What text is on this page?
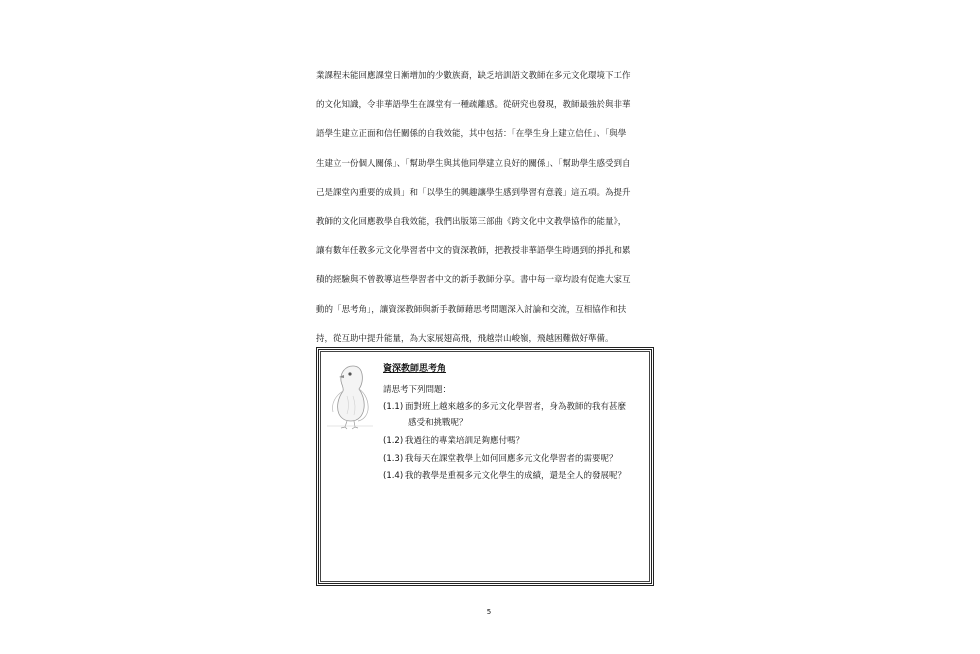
業課程未能回應課堂日漸增加的少數族裔，缺乏培訓語文教師在多元文化環境下工作
的文化知識，令非華語學生在課堂有一種疏離感。從研究也發現，教師最強於與非華
語學生建立正面和信任關係的自我效能，其中包括：「在學生身上建立信任」、「與學
生建立一份個人關係」、「幫助學生與其他同學建立良好的關係」、「幫助學生感受到自
己是課堂內重要的成員」和「以學生的興趣讓學生感到學習有意義」這五項。為提升
教師的文化回應教學自我效能，我們出版第三部曲《跨文化中文教學協作的能量》，
讓有數年任教多元文化學習者中文的資深教師，把教授非華語學生時遇到的掙扎和累
積的經驗與不曾教導這些學習者中文的新手教師分享。書中每一章均設有促進大家互
動的「思考角」，讓資深教師與新手教師藉思考問題深入討論和交流，互相協作和扶
持，從互助中提升能量，為大家展翅高飛，飛越崇山峻嶺，飛越困難做好準備。
資深教師思考角
請思考下列問題：
(1.1) 面對班上越來越多的多元文化學習者，身為教師的我有甚麼
感受和挑戰呢？
(1.2) 我過往的專業培訓足夠應付嗎？
(1.3) 我每天在課堂教學上如何回應多元文化學習者的需要呢？
(1.4) 我的教學是重視多元文化學生的成績，還是全人的發展呢？
5
